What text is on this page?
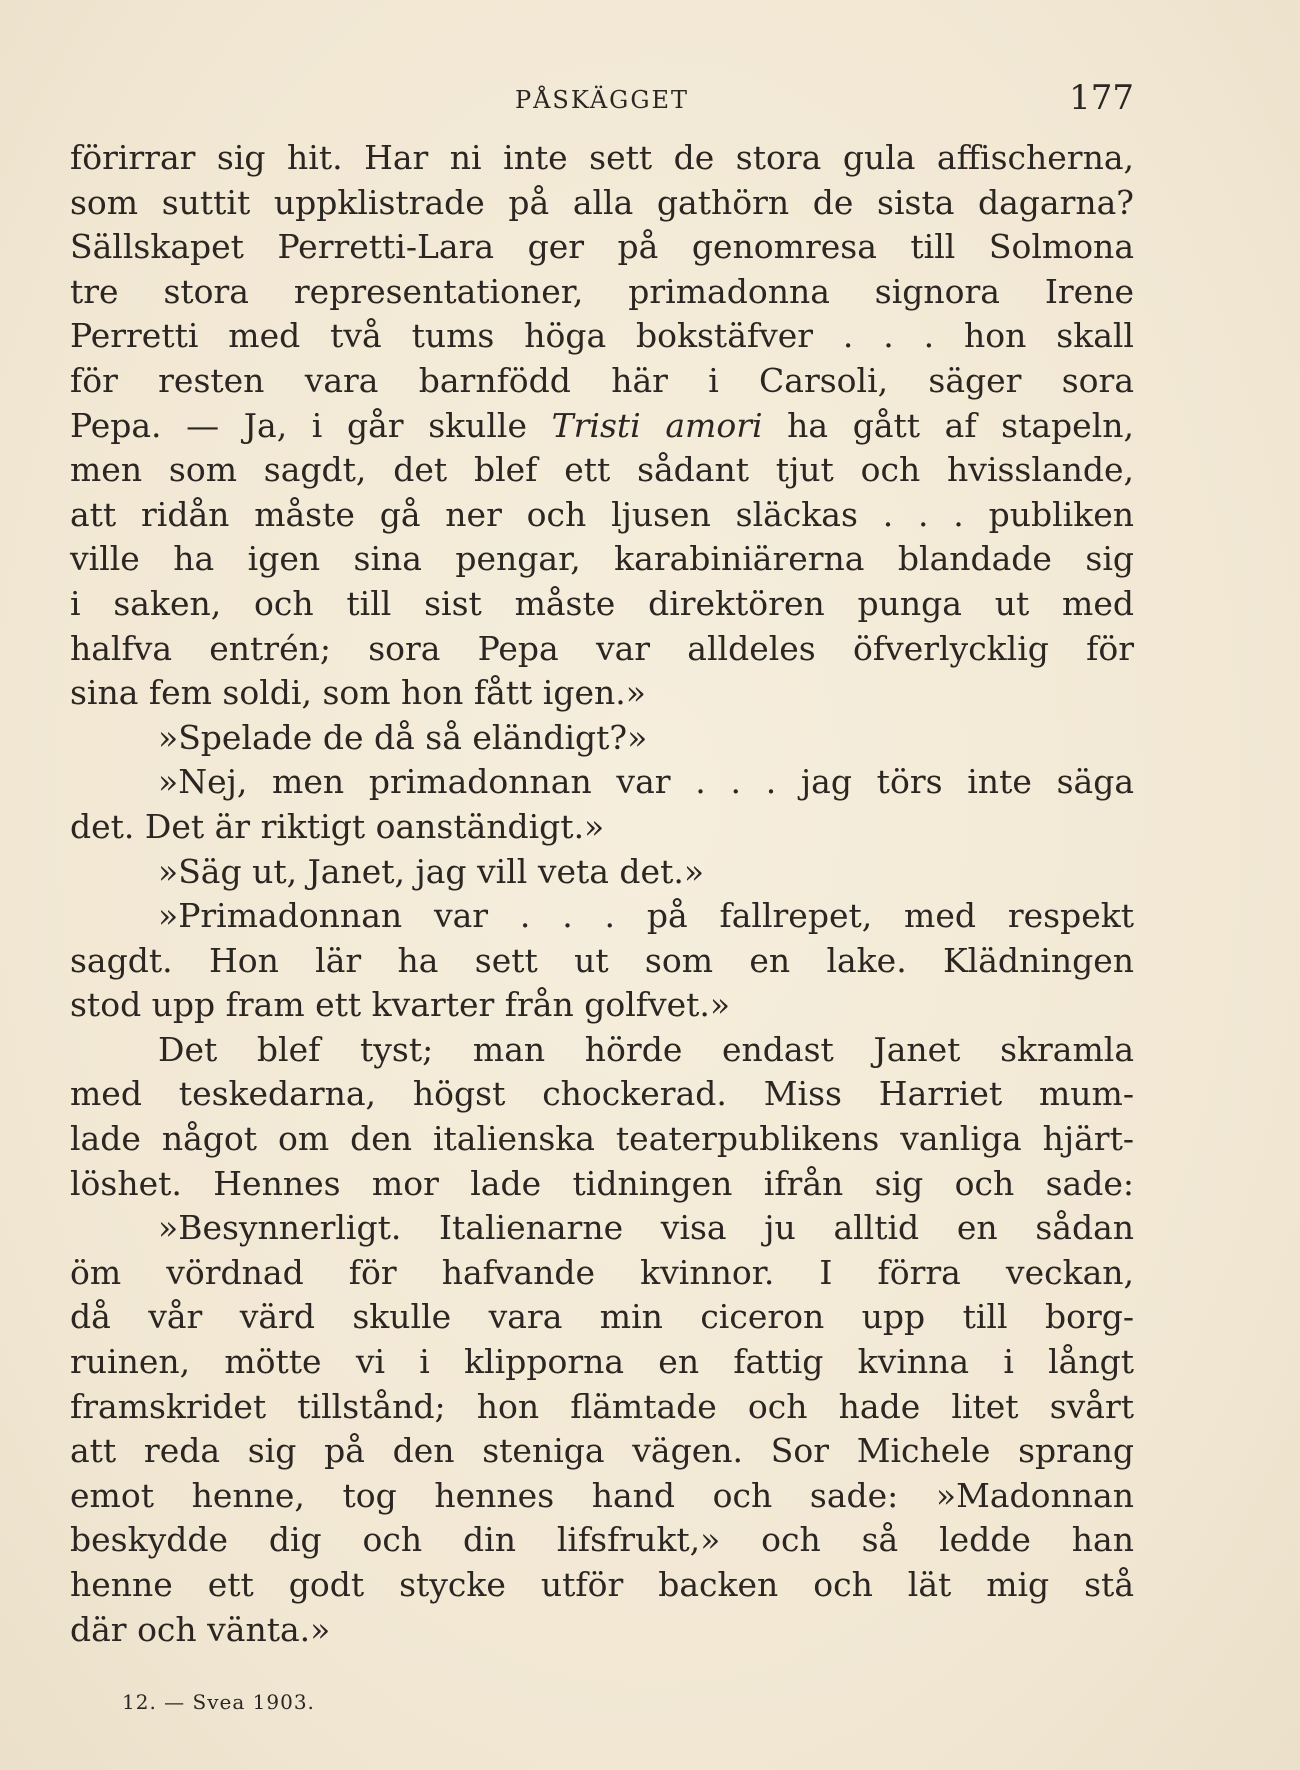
PÅSKÄGGET	177
förirrar sig hit. Har ni inte sett de stora gula affischerna,
som suttit uppklistrade på alla gathörn de sista dagarna?
Sällskapet Perretti-Lara ger på genomresa till Solmona
tre stora representationer, primadonna signora Irene
Perretti med två tums höga bokstäfver . . . hon skall
för resten vara barnfödd här i Carsoli, säger sora
Pepa. — Ja, i går skulle Tristi amori ha gått af stapeln,
men som sagdt, det blef ett sådant tjut och hvisslande,
att ridån måste gå ner och ljusen släckas . . . publiken
ville ha igen sina pengar, karabiniärerna blandade sig
i saken, och till sist måste direktören punga ut med
halfva entrén; sora Pepa var alldeles öfverlycklig för
sina fem soldi, som hon fått igen.»
»Spelade de då så eländigt?»
»Nej, men primadonnan var . . . jag törs inte säga
det. Det är riktigt oanständigt.»
»Säg ut, Janet, jag vill veta det.»
»Primadonnan var . . . på fallrepet, med respekt
sagdt. Hon lär ha sett ut som en lake. Klädningen
stod upp fram ett kvarter från golfvet.»
Det blef tyst; man hörde endast Janet skramla
med teskedarna, högst chockerad. Miss Harriet mum-
lade något om den italienska teaterpublikens vanliga hjärt-
löshet. Hennes mor lade tidningen ifrån sig och sade:
»Besynnerligt. Italienarne visa ju alltid en sådan
öm vördnad för hafvande kvinnor. I förra veckan,
då vår värd skulle vara min ciceron upp till borg-
ruinen, mötte vi i klipporna en fattig kvinna i långt
framskridet tillstånd; hon flämtade och hade litet svårt
att reda sig på den steniga vägen. Sor Michele sprang
emot henne, tog hennes hand och sade: »Madonnan
beskydde dig och din lifsfrukt,» och så ledde han
henne ett godt stycke utför backen och lät mig stå
där och vänta.»
12. — Svea 1903.
